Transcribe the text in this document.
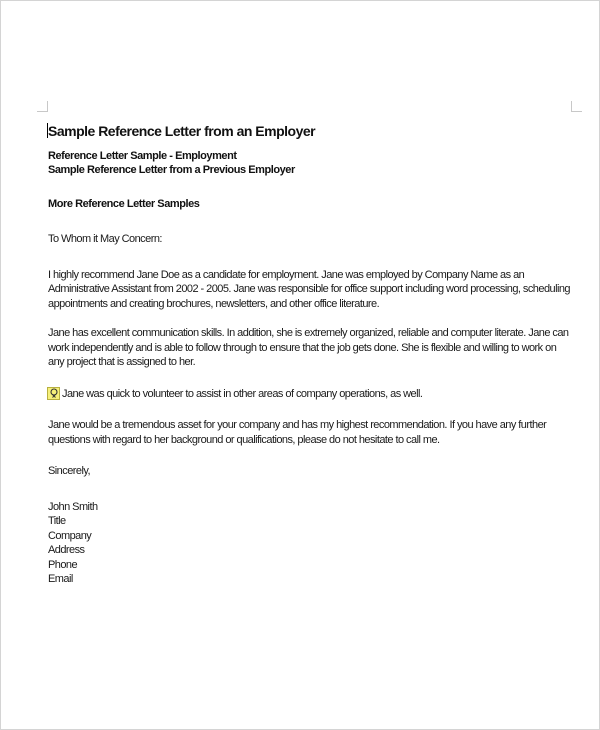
Sample Reference Letter from an Employer

Reference Letter Sample - Employment

Sample Reference Letter from a Previous Employer

More Reference Letter Samples

To Whom it May Concern:

I highly recommend Jane Doe as a candidate for employment. Jane was employed by Company Name as an Administrative Assistant from 2002 - 2005. Jane was responsible for office support including word processing, scheduling appointments and creating brochures, newsletters, and other office literature.

Jane has excellent communication skills. In addition, she is extremely organized, reliable and computer literate. Jane can work independently and is able to follow through to ensure that the job gets done. She is flexible and willing to work on any project that is assigned to her.

Jane was quick to volunteer to assist in other areas of company operations, as well.

Jane would be a tremendous asset for your company and has my highest recommendation. If you have any further questions with regard to her background or qualifications, please do not hesitate to call me.

Sincerely,

John Smith
Title
Company
Address
Phone
Email
